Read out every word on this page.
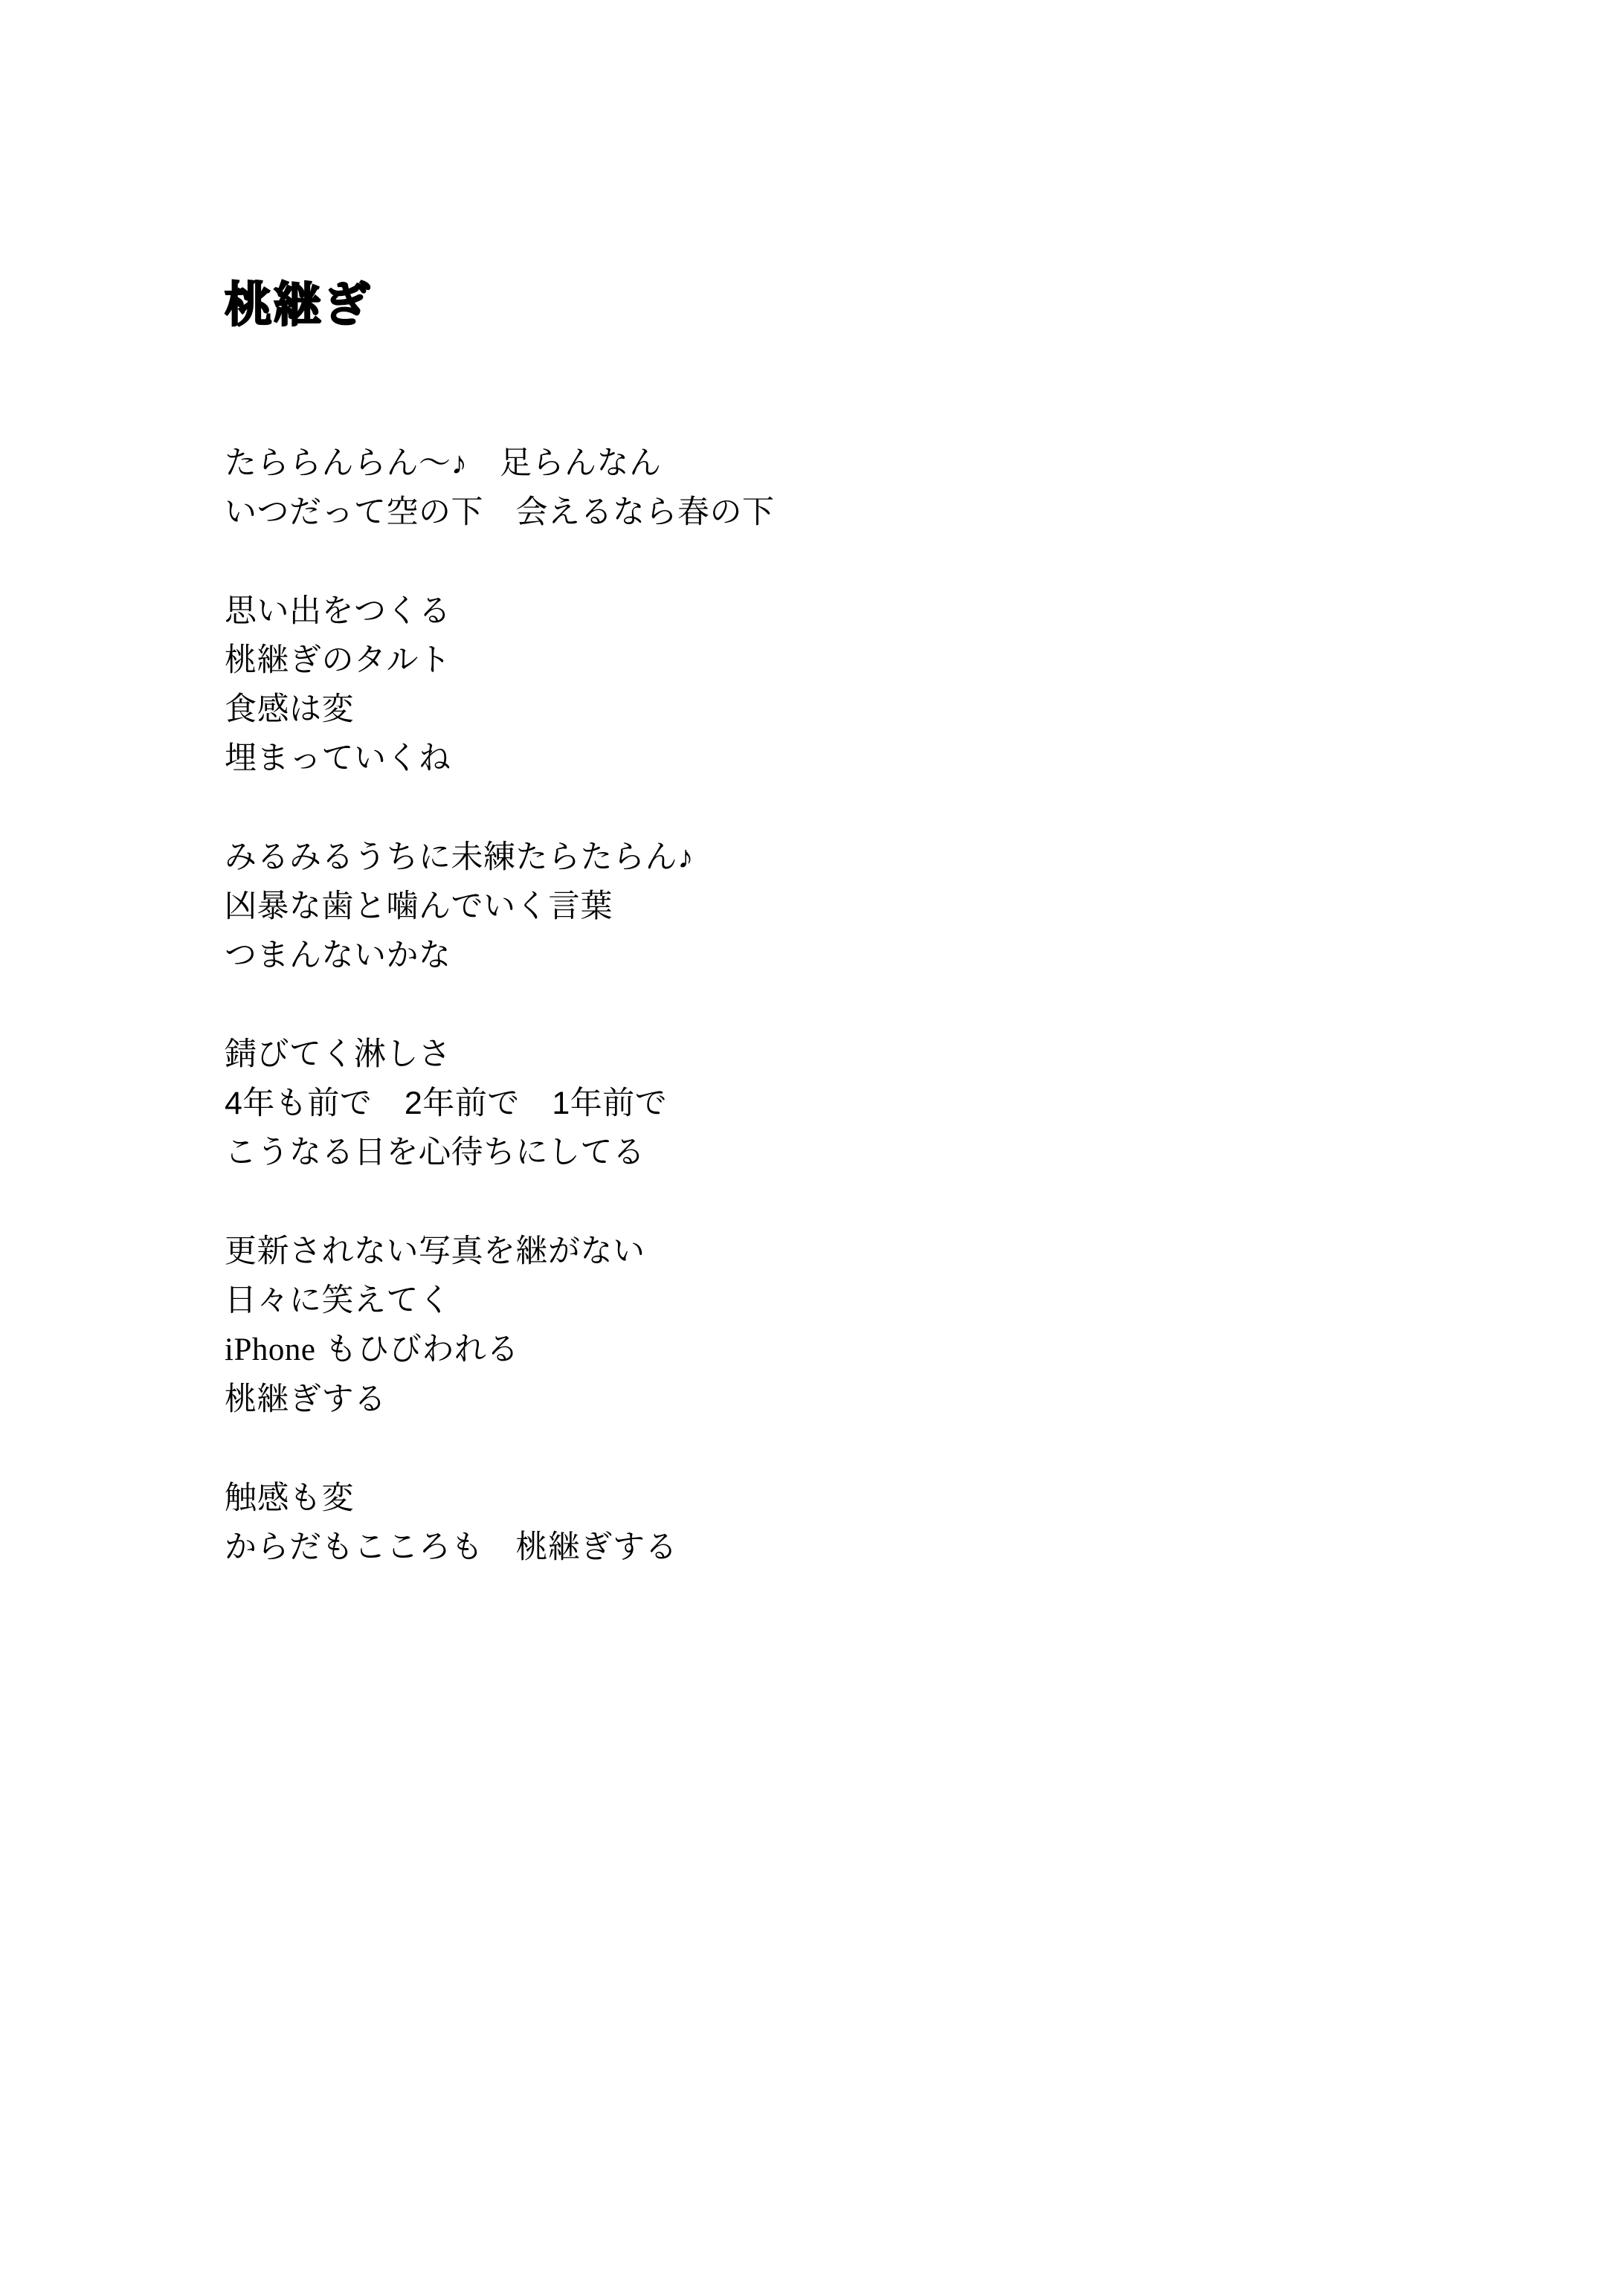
桃継ぎ

たららんらん〜♪　足らんなん

いつだって空の下　会えるなら春の下

思い出をつくる

桃継ぎのタルト

食感は変

埋まっていくね

みるみるうちに未練たらたらん♪

凶暴な歯と噛んでいく言葉

つまんないかな

錆びてく淋しさ

4年も前で　2年前で　1年前で

こうなる日を心待ちにしてる

更新されない写真を継がない

日々に笑えてく

iPhone もひびわれる

桃継ぎする

触感も変

からだもこころも　桃継ぎする
